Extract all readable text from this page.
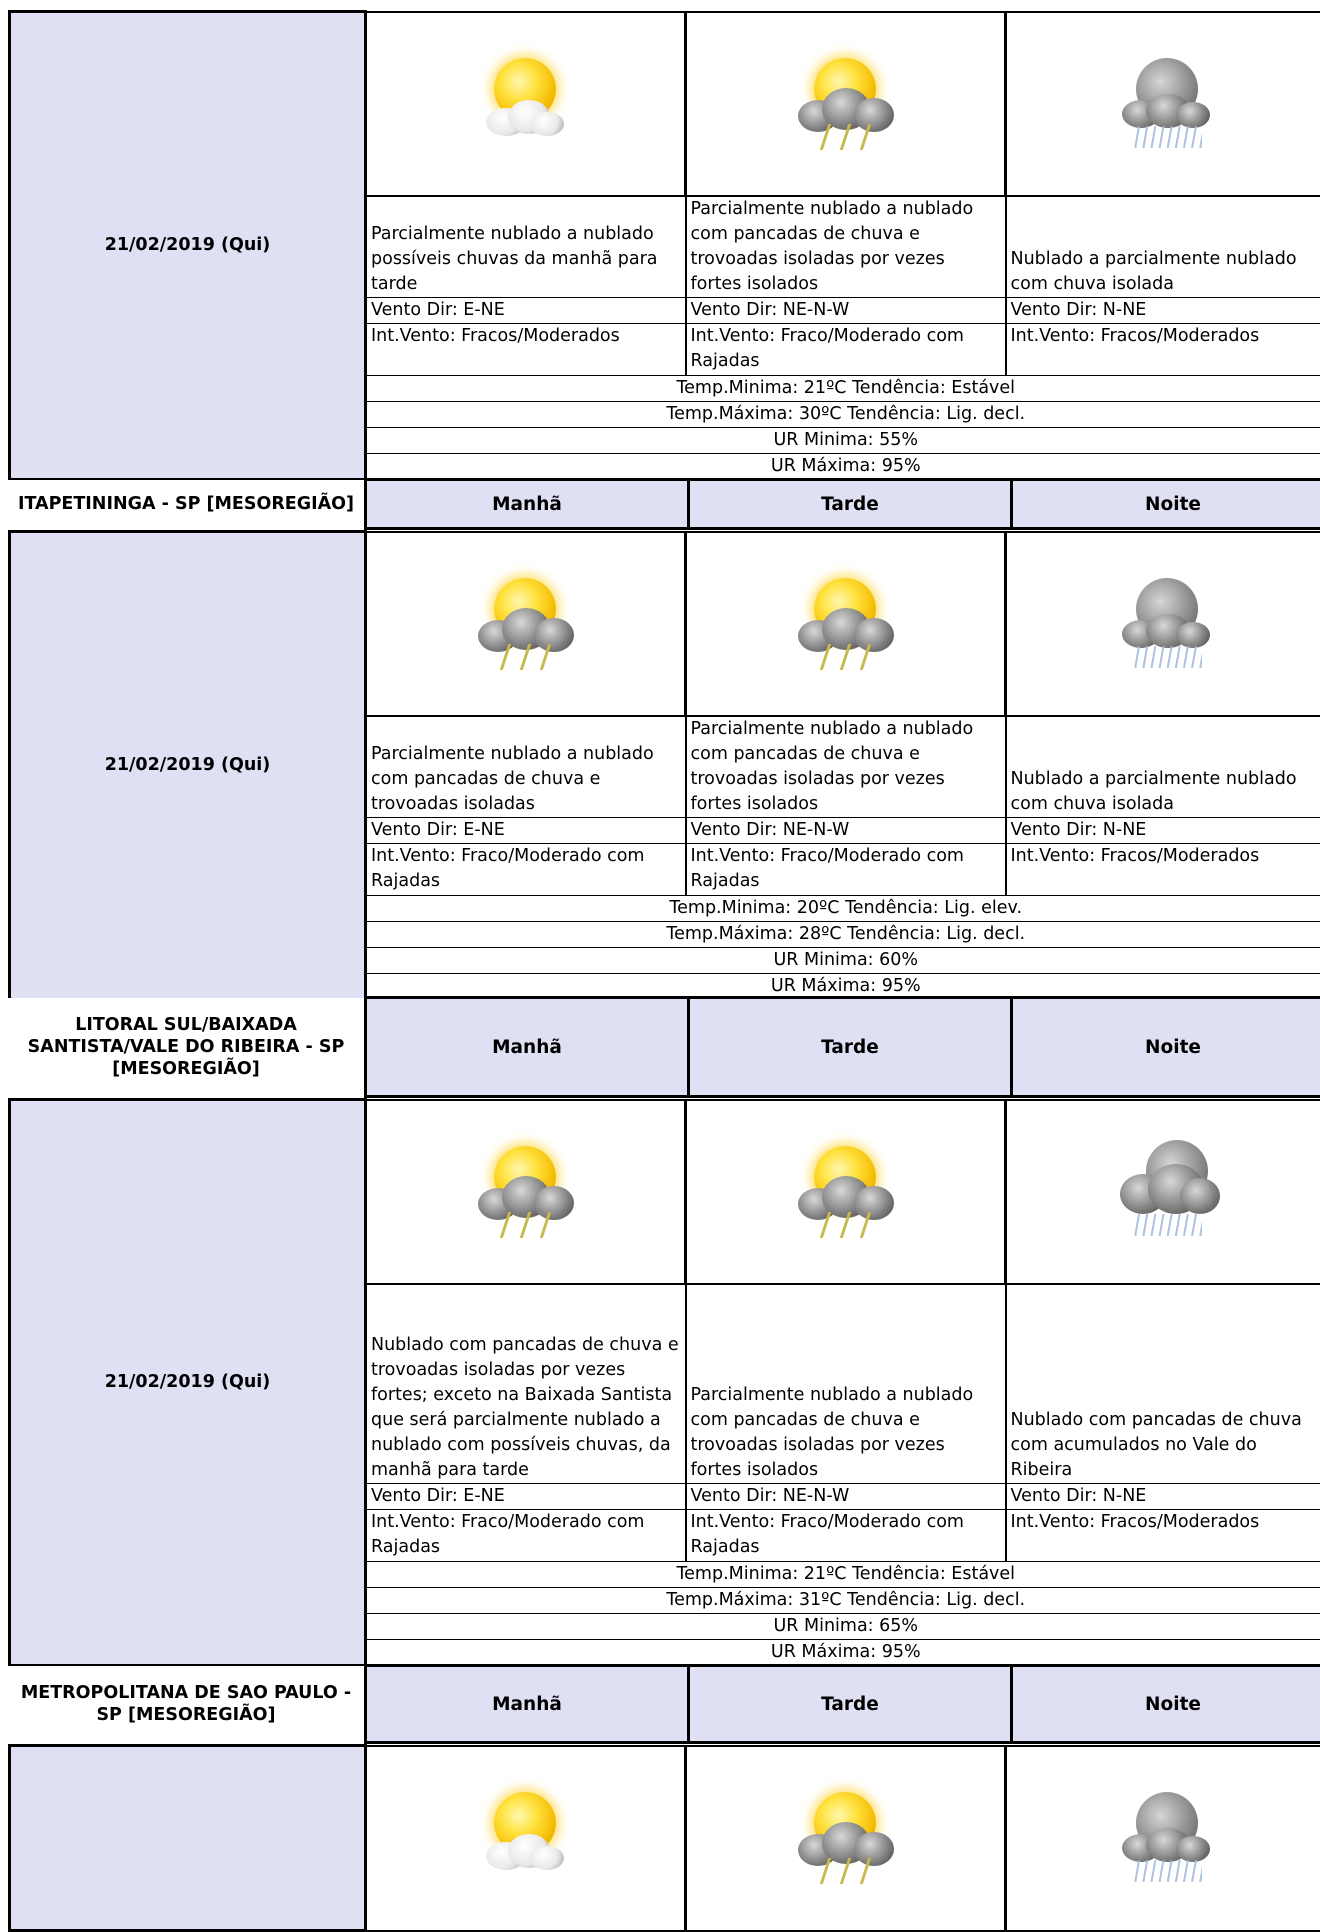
21/02/2019 (Qui)	

	Parcialmente nublado a nublado possíveis chuvas da manhã para tarde	Parcialmente nublado a nublado com pancadas de chuva e trovoadas isoladas por vezes fortes isolados	Nublado a parcialmente nublado com chuva isolada
	Vento Dir: E-NE	Vento Dir: NE-N-W	Vento Dir: N-NE
	Int.Vento: Fracos/Moderados	Int.Vento: Fraco/Moderado com Rajadas	Int.Vento: Fracos/Moderados
	Temp.Minima: 21ºC Tendência: Estável		
	Temp.Máxima: 30ºC Tendência: Lig. decl.		
	UR Minima: 55%		
	UR Máxima: 95%		
ITAPETININGA - SP [MESOREGIÃO]	Manhã	Tarde	Noite
21/02/2019 (Qui)	

	Parcialmente nublado a nublado com pancadas de chuva e trovoadas isoladas	Parcialmente nublado a nublado com pancadas de chuva e trovoadas isoladas por vezes fortes isolados	Nublado a parcialmente nublado com chuva isolada
	Vento Dir: E-NE	Vento Dir: NE-N-W	Vento Dir: N-NE
	Int.Vento: Fraco/Moderado com Rajadas	Int.Vento: Fraco/Moderado com Rajadas	Int.Vento: Fracos/Moderados
	Temp.Minima: 20ºC Tendência: Lig. elev.		
	Temp.Máxima: 28ºC Tendência: Lig. decl.		
	UR Minima: 60%		
	UR Máxima: 95%		
LITORAL SUL/BAIXADA SANTISTA/VALE DO RIBEIRA - SP [MESOREGIÃO]	Manhã	Tarde	Noite
21/02/2019 (Qui)	

	Nublado com pancadas de chuva e trovoadas isoladas por vezes fortes; exceto na Baixada Santista que será parcialmente nublado a nublado com possíveis chuvas, da manhã para tarde	Parcialmente nublado a nublado com pancadas de chuva e trovoadas isoladas por vezes fortes isolados	Nublado com pancadas de chuva com acumulados no Vale do Ribeira
	Vento Dir: E-NE	Vento Dir: NE-N-W	Vento Dir: N-NE
	Int.Vento: Fraco/Moderado com Rajadas	Int.Vento: Fraco/Moderado com Rajadas	Int.Vento: Fracos/Moderados
	Temp.Minima: 21ºC Tendência: Estável		
	Temp.Máxima: 31ºC Tendência: Lig. decl.		
	UR Minima: 65%		
	UR Máxima: 95%		
METROPOLITANA DE SAO PAULO - SP [MESOREGIÃO]	Manhã	Tarde	Noite
